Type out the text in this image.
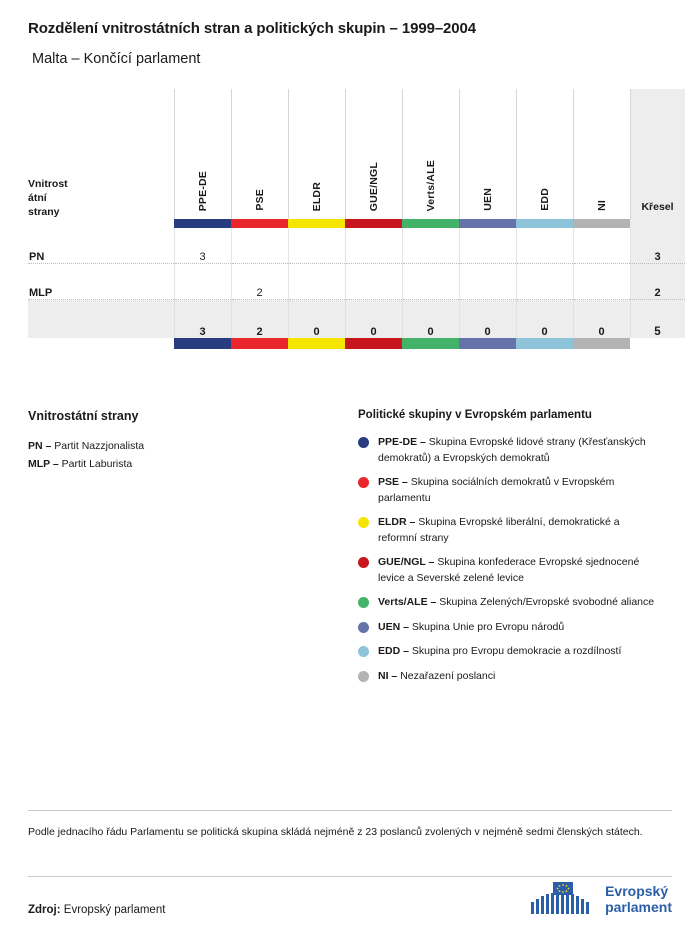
Rozdělení vnitrostátních stran a politických skupin – 1999–2004
Malta – Končící parlament
Vnitrost
átní
strany	PPE-DE	PSE	ELDR	GUE/NGL	Verts/ALE	UEN	EDD	NI		Křesel

PN	3									3
MLP		2								2
	3	2	0	0	0	0	0	0		5

Vnitrostátní strany
PN – Partit Nazzjonalista
MLP – Partit Laburista
Politické skupiny v Evropském parlamentu
PPE-DE – Skupina Evropské lidové strany (Křesťanských demokratů) a Evropských demokratů
PSE – Skupina sociálních demokratů v Evropském parlamentu
ELDR – Skupina Evropské liberální, demokratické a reformní strany
GUE/NGL – Skupina konfederace Evropské sjednocené levice a Severské zelené levice
Verts/ALE – Skupina Zelených/Evropské svobodné aliance
UEN – Skupina Unie pro Evropu národů
EDD – Skupina pro Evropu demokracie a rozdílností
NI – Nezařazení poslanci
Podle jednacího řádu Parlamentu se politická skupina skládá nejméně z 23 poslanců zvolených v nejméně sedmi členských státech.
Zdroj: Evropský parlament
Evropský
parlament
